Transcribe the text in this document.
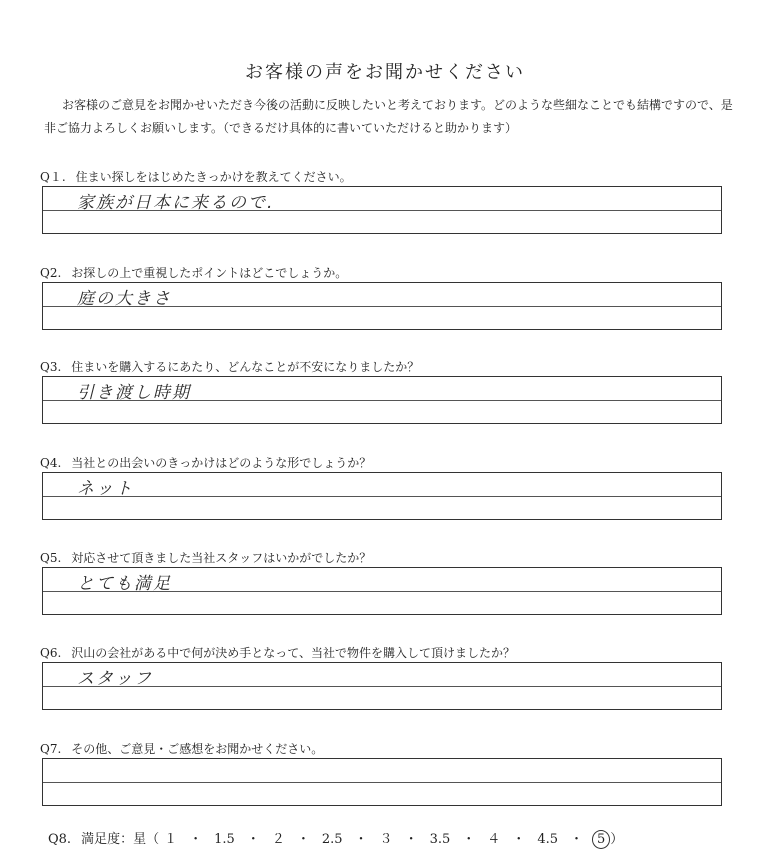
お客様の声をお聞かせください

お客様のご意見をお聞かせいただき今後の活動に反映したいと考えております。どのような些細なことでも結構ですので、是非ご協力よろしくお願いします。（できるだけ具体的に書いていただけると助かります）

Q１. 住まい探しをはじめたきっかけを教えてください。

家族が日本に来るので.

Q2. お探しの上で重視したポイントはどこでしょうか。

庭の大きさ

Q3. 住まいを購入するにあたり、どんなことが不安になりましたか？

引き渡し時期

Q4. 当社との出会いのきっかけはどのような形でしょうか？

ネット

Q5. 対応させて頂きました当社スタッフはいかがでしたか？

とても満足

Q6. 沢山の会社がある中で何が決め手となって、当社で物件を購入して頂けましたか？

スタッフ

Q7. その他、ご意見・ご感想をお聞かせください。

Q8. 満足度：星（ １ ・ 1.5 ・ ２ ・ 2.5 ・ ３ ・ 3.5 ・ ４ ・ 4.5 ・ 5 ）
